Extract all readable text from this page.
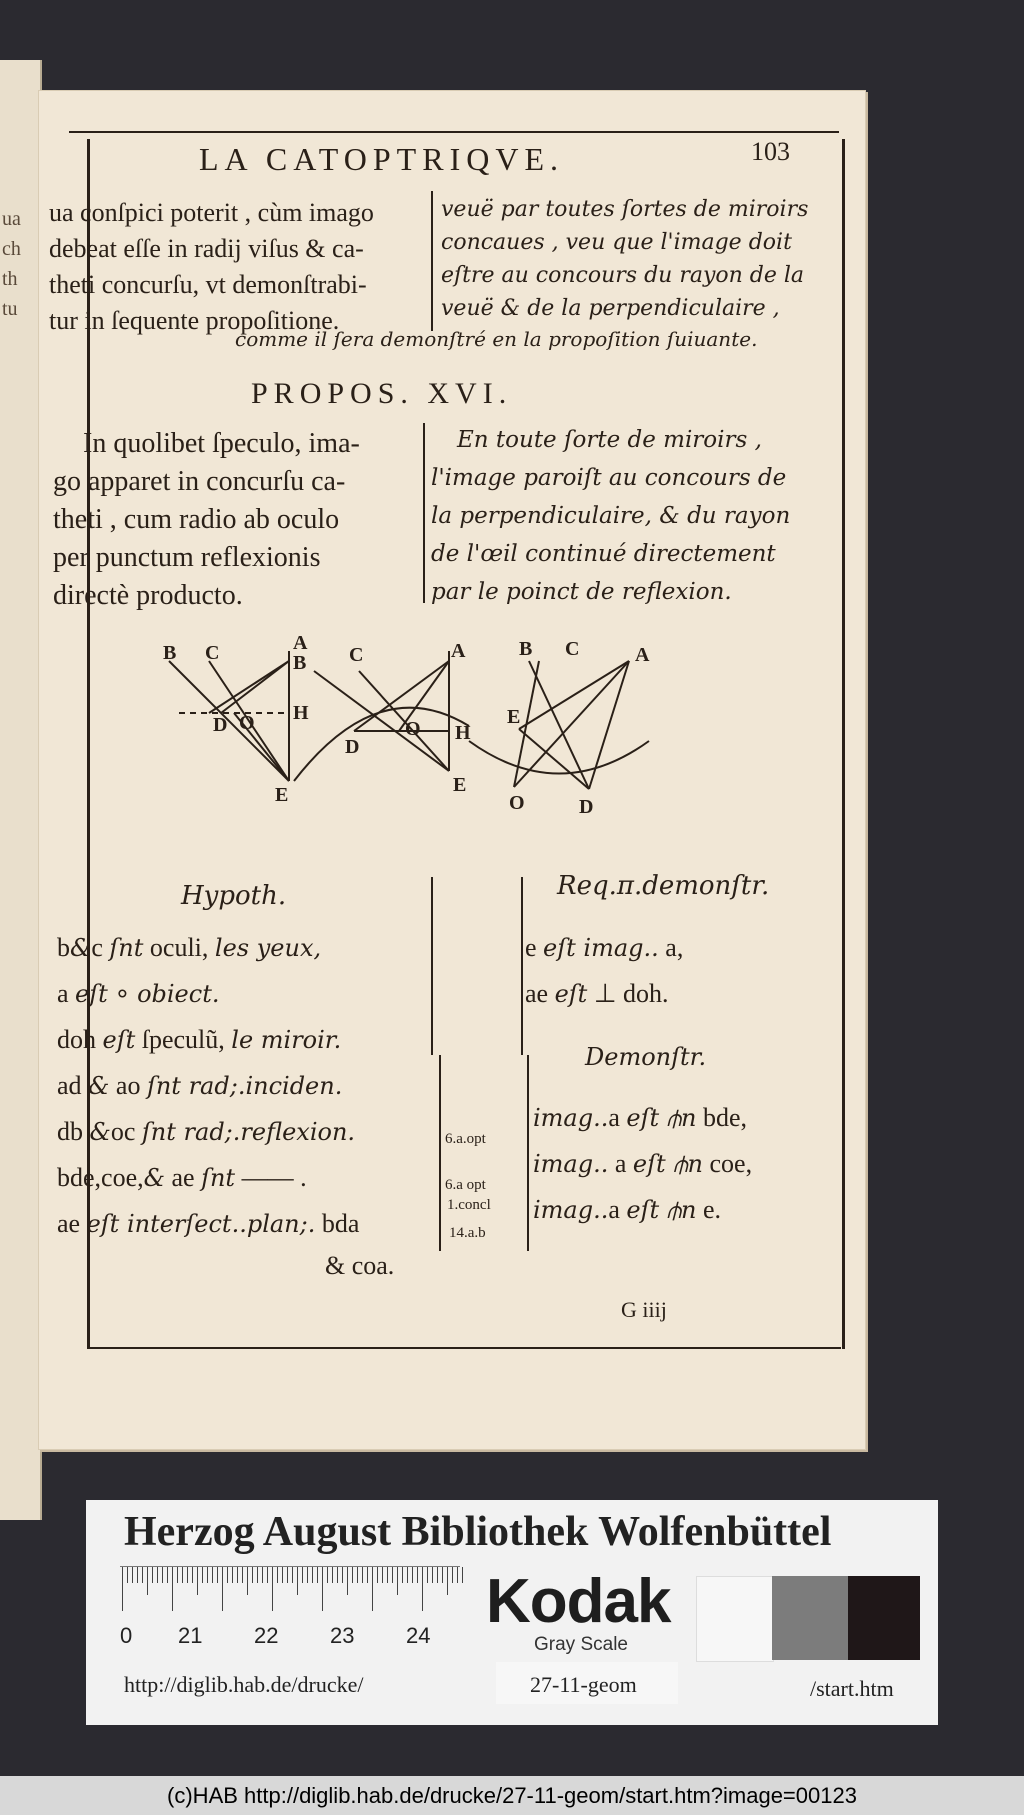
ua
ch
th
tu
LA CATOPTRIQVE.	103
ua conſpici poterit , cùm imago
debeat eſſe in radij viſus & ca-
theti concurſu, vt demonſtrabi-
tur in ſequente propoſitione.
veuë par toutes ſortes de miroirs
concaues , veu que l'image doit
eſtre au concours du rayon de la
veuë & de la perpendiculaire ,
comme il ſera demonſtré en la propoſition ſuiuante.
PROPOS. XVI.
In quolibet ſpeculo, ima-
go apparet in concurſu ca-
theti , cum radio ab oculo
per punctum reflexionis
directè producto.
En toute ſorte de miroirs ,
l'image paroiſt au concours de
la perpendiculaire, & du rayon
de l'œil continué directement
par le poinct de reflexion.
B C	A
B
H
D O
E
C	A
O
D
H
E
B C	A
E
O	D
Hypoth.	Req.π.demonſtr.
Demonſtr.
b&c ſnt oculi, les yeux,
a eſt ∘ obiect.
doh eſt ſpeculũ, le miroir.
ad & ao ſnt rad;.inciden.
db &oc ſnt rad;.reflexion.
bde,coe,& ae ſnt —— .
ae eſt interſect..plan;. bda
& coa.
e eſt imag.. a,
ae eſt ⊥ doh.
6.a.opt
6.a opt
1.concl
14.a.b
imag..a eſt ⫛n bde,
imag.. a eſt ⫛n coe,
imag..a eſt ⫛n e.
G iiij
Herzog August Bibliothek Wolfenbüttel
0 21 22 23 24 Kodak
Gray Scale
http://diglib.hab.de/drucke/	27-11-geom	/start.htm
(c)HAB http://diglib.hab.de/drucke/27-11-geom/start.htm?image=00123
